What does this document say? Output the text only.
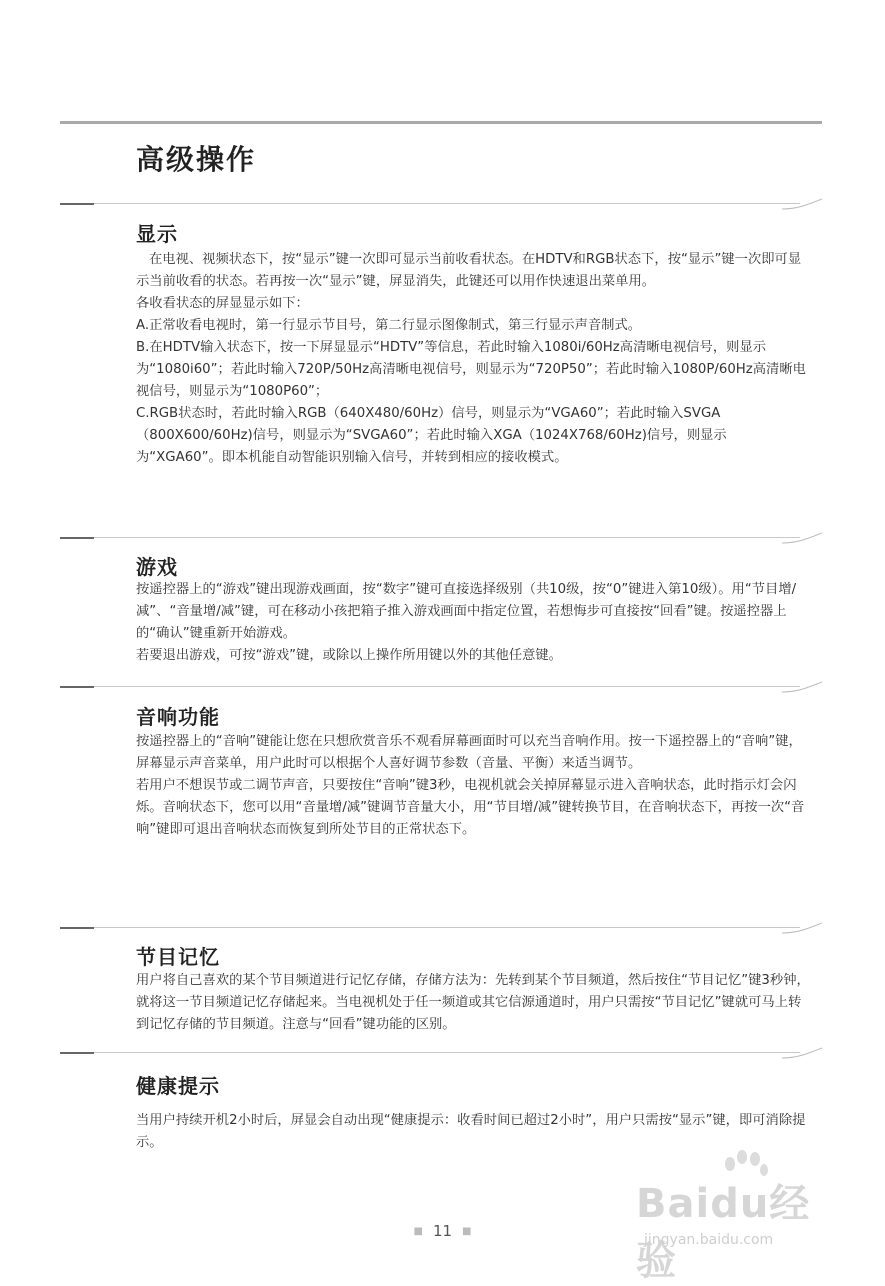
高级操作
显示

在电视、视频状态下，按“显示”键一次即可显示当前收看状态。在HDTV和RGB状态下，按“显示”键一次即可显示当前收看的状态。若再按一次“显示”键，屏显消失，此键还可以用作快速退出菜单用。

各收看状态的屏显显示如下：

A.正常收看电视时，第一行显示节目号，第二行显示图像制式，第三行显示声音制式。

B.在HDTV输入状态下，按一下屏显显示“HDTV”等信息，若此时输入1080i/60Hz高清晰电视信号，则显示为“1080i60”；若此时输入720P/50Hz高清晰电视信号，则显示为“720P50”；若此时输入1080P/60Hz高清晰电视信号，则显示为“1080P60”；

C.RGB状态时，若此时输入RGB（640X480/60Hz）信号，则显示为“VGA60”；若此时输入SVGA（800X600/60Hz)信号，则显示为“SVGA60”；若此时输入XGA（1024X768/60Hz)信号，则显示为“XGA60”。即本机能自动智能识别输入信号，并转到相应的接收模式。

游戏

按遥控器上的“游戏”键出现游戏画面，按“数字”键可直接选择级别（共10级，按“0”键进入第10级）。用“节目增/减”、“音量增/减”键，可在移动小孩把箱子推入游戏画面中指定位置，若想悔步可直接按“回看”键。按遥控器上的“确认”键重新开始游戏。

若要退出游戏，可按“游戏”键，或除以上操作所用键以外的其他任意键。

音响功能

按遥控器上的“音响”键能让您在只想欣赏音乐不观看屏幕画面时可以充当音响作用。按一下遥控器上的“音响”键，屏幕显示声音菜单，用户此时可以根据个人喜好调节参数（音量、平衡）来适当调节。

若用户不想误节或二调节声音，只要按住“音响”键3秒，电视机就会关掉屏幕显示进入音响状态，此时指示灯会闪烁。音响状态下，您可以用“音量增/减”键调节音量大小，用“节目增/减”键转换节目，在音响状态下，再按一次“音响”键即可退出音响状态而恢复到所处节目的正常状态下。

节目记忆

用户将自己喜欢的某个节目频道进行记忆存储，存储方法为：先转到某个节目频道，然后按住“节目记忆”键3秒钟，就将这一节目频道记忆存储起来。当电视机处于任一频道或其它信源通道时，用户只需按“节目记忆”键就可马上转到记忆存储的节目频道。注意与“回看”键功能的区别。

健康提示

当用户持续开机2小时后，屏显会自动出现“健康提示：收看时间已超过2小时”，用户只需按“显示”键，即可消除提示。

■ 11 ■
Baidu经验
jingyan.baidu.com
